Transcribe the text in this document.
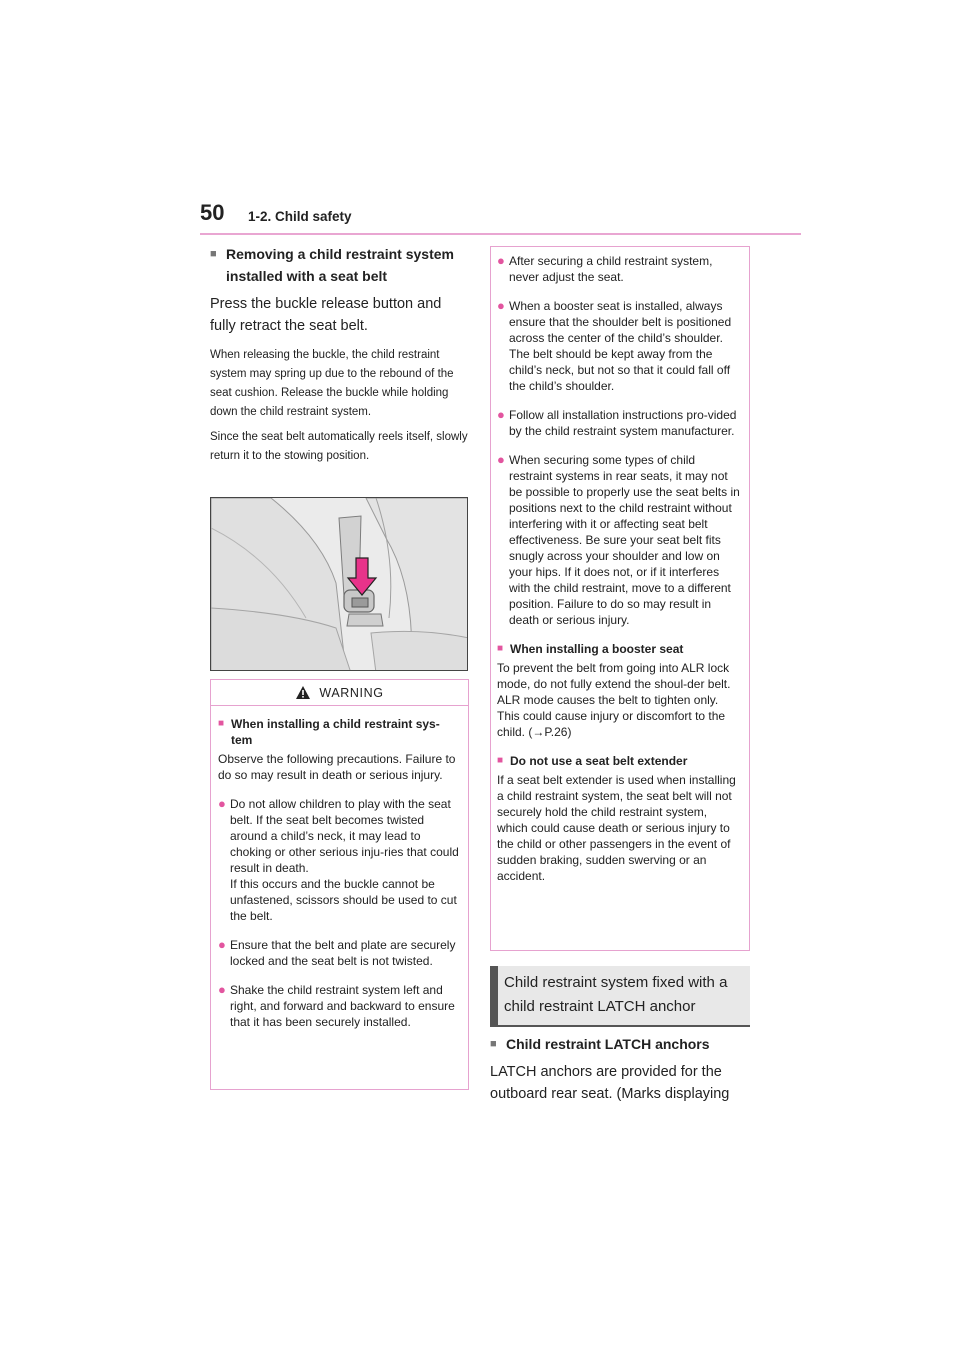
50 1-2. Child safety
■ Removing a child restraint system installed with a seat belt
Press the buckle release button and fully retract the seat belt.
When releasing the buckle, the child restraint system may spring up due to the rebound of the seat cushion. Release the buckle while holding down the child restraint system.
Since the seat belt automatically reels itself, slowly return it to the stowing position.
WARNING
■ When installing a child restraint sys-
tem
Observe the following precautions. Failure to do so may result in death or serious injury.
● Do not allow children to play with the seat belt. If the seat belt becomes twisted around a child’s neck, it may lead to choking or other serious inju-ries that could result in death.
If this occurs and the buckle cannot be unfastened, scissors should be used to cut the belt.
● Ensure that the belt and plate are securely locked and the seat belt is not twisted.
● Shake the child restraint system left and right, and forward and backward to ensure that it has been securely installed.
● After securing a child restraint system, never adjust the seat.
● When a booster seat is installed, always ensure that the shoulder belt is positioned across the center of the child’s shoulder. The belt should be kept away from the child’s neck, but not so that it could fall off the child’s shoulder.
● Follow all installation instructions pro-vided by the child restraint system manufacturer.
● When securing some types of child restraint systems in rear seats, it may not be possible to properly use the seat belts in positions next to the child restraint without interfering with it or affecting seat belt effectiveness. Be sure your seat belt fits snugly across your shoulder and low on your hips. If it does not, or if it interferes with the child restraint, move to a different position. Failure to do so may result in death or serious injury.
■ When installing a booster seat
To prevent the belt from going into ALR lock mode, do not fully extend the shoul-der belt. ALR mode causes the belt to tighten only. This could cause injury or discomfort to the child. (→P.26)
■ Do not use a seat belt extender
If a seat belt extender is used when installing a child restraint system, the seat belt will not securely hold the child restraint system, which could cause death or serious injury to the child or other passengers in the event of sudden braking, sudden swerving or an accident.
Child restraint system fixed with a child restraint LATCH anchor
■ Child restraint LATCH anchors
LATCH anchors are provided for the outboard rear seat. (Marks displaying
